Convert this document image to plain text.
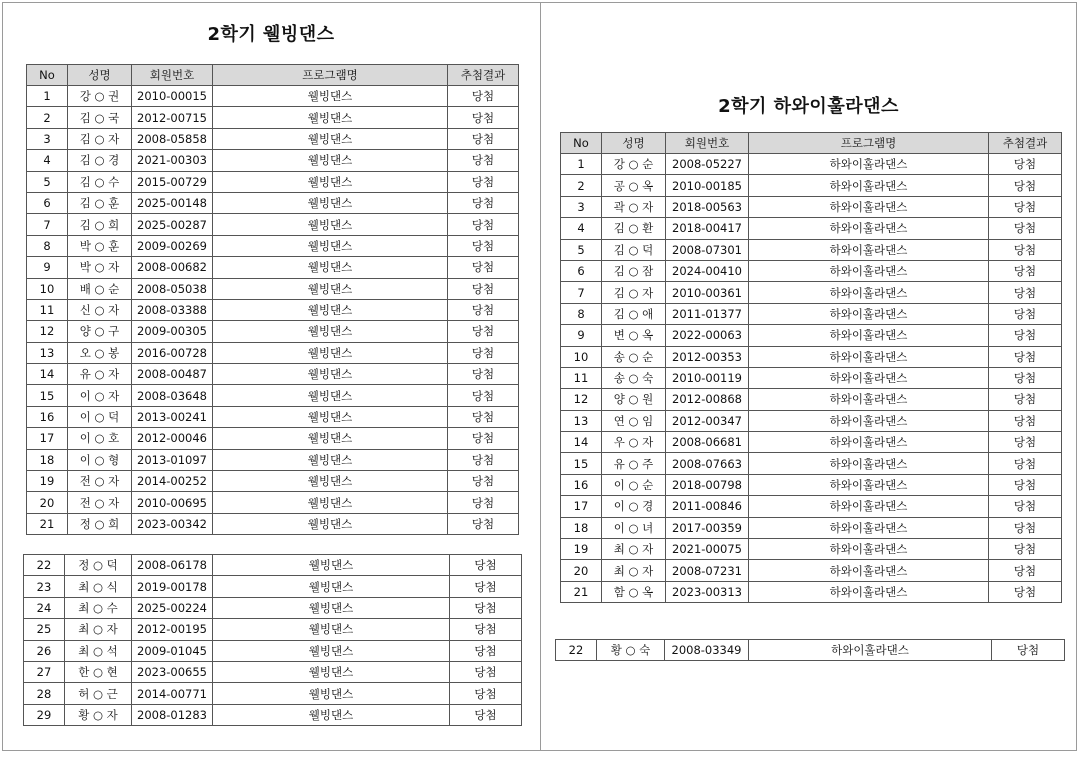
2학기 웰빙댄스
No	성명	회원번호	프로그램명	추첨결과
1	강 ○ 권	2010-00015	웰빙댄스	당첨
2	김 ○ 국	2012-00715	웰빙댄스	당첨
3	김 ○ 자	2008-05858	웰빙댄스	당첨
4	김 ○ 경	2021-00303	웰빙댄스	당첨
5	김 ○ 수	2015-00729	웰빙댄스	당첨
6	김 ○ 훈	2025-00148	웰빙댄스	당첨
7	김 ○ 희	2025-00287	웰빙댄스	당첨
8	박 ○ 훈	2009-00269	웰빙댄스	당첨
9	박 ○ 자	2008-00682	웰빙댄스	당첨
10	배 ○ 순	2008-05038	웰빙댄스	당첨
11	신 ○ 자	2008-03388	웰빙댄스	당첨
12	양 ○ 구	2009-00305	웰빙댄스	당첨
13	오 ○ 봉	2016-00728	웰빙댄스	당첨
14	유 ○ 자	2008-00487	웰빙댄스	당첨
15	이 ○ 자	2008-03648	웰빙댄스	당첨
16	이 ○ 덕	2013-00241	웰빙댄스	당첨
17	이 ○ 호	2012-00046	웰빙댄스	당첨
18	이 ○ 형	2013-01097	웰빙댄스	당첨
19	전 ○ 자	2014-00252	웰빙댄스	당첨
20	전 ○ 자	2010-00695	웰빙댄스	당첨
21	정 ○ 희	2023-00342	웰빙댄스	당첨
22	정 ○ 덕	2008-06178	웰빙댄스	당첨
23	최 ○ 식	2019-00178	웰빙댄스	당첨
24	최 ○ 수	2025-00224	웰빙댄스	당첨
25	최 ○ 자	2012-00195	웰빙댄스	당첨
26	최 ○ 석	2009-01045	웰빙댄스	당첨
27	한 ○ 현	2023-00655	웰빙댄스	당첨
28	허 ○ 근	2014-00771	웰빙댄스	당첨
29	황 ○ 자	2008-01283	웰빙댄스	당첨
2학기 하와이훌라댄스
No	성명	회원번호	프로그램명	추첨결과
1	강 ○ 순	2008-05227	하와이훌라댄스	당첨
2	공 ○ 옥	2010-00185	하와이훌라댄스	당첨
3	곽 ○ 자	2018-00563	하와이훌라댄스	당첨
4	김 ○ 환	2018-00417	하와이훌라댄스	당첨
5	김 ○ 덕	2008-07301	하와이훌라댄스	당첨
6	김 ○ 잠	2024-00410	하와이훌라댄스	당첨
7	김 ○ 자	2010-00361	하와이훌라댄스	당첨
8	김 ○ 애	2011-01377	하와이훌라댄스	당첨
9	변 ○ 옥	2022-00063	하와이훌라댄스	당첨
10	송 ○ 순	2012-00353	하와이훌라댄스	당첨
11	송 ○ 숙	2010-00119	하와이훌라댄스	당첨
12	양 ○ 원	2012-00868	하와이훌라댄스	당첨
13	연 ○ 임	2012-00347	하와이훌라댄스	당첨
14	우 ○ 자	2008-06681	하와이훌라댄스	당첨
15	유 ○ 주	2008-07663	하와이훌라댄스	당첨
16	이 ○ 순	2018-00798	하와이훌라댄스	당첨
17	이 ○ 경	2011-00846	하와이훌라댄스	당첨
18	이 ○ 녀	2017-00359	하와이훌라댄스	당첨
19	최 ○ 자	2021-00075	하와이훌라댄스	당첨
20	최 ○ 자	2008-07231	하와이훌라댄스	당첨
21	함 ○ 옥	2023-00313	하와이훌라댄스	당첨
22	황 ○ 숙	2008-03349	하와이훌라댄스	당첨
